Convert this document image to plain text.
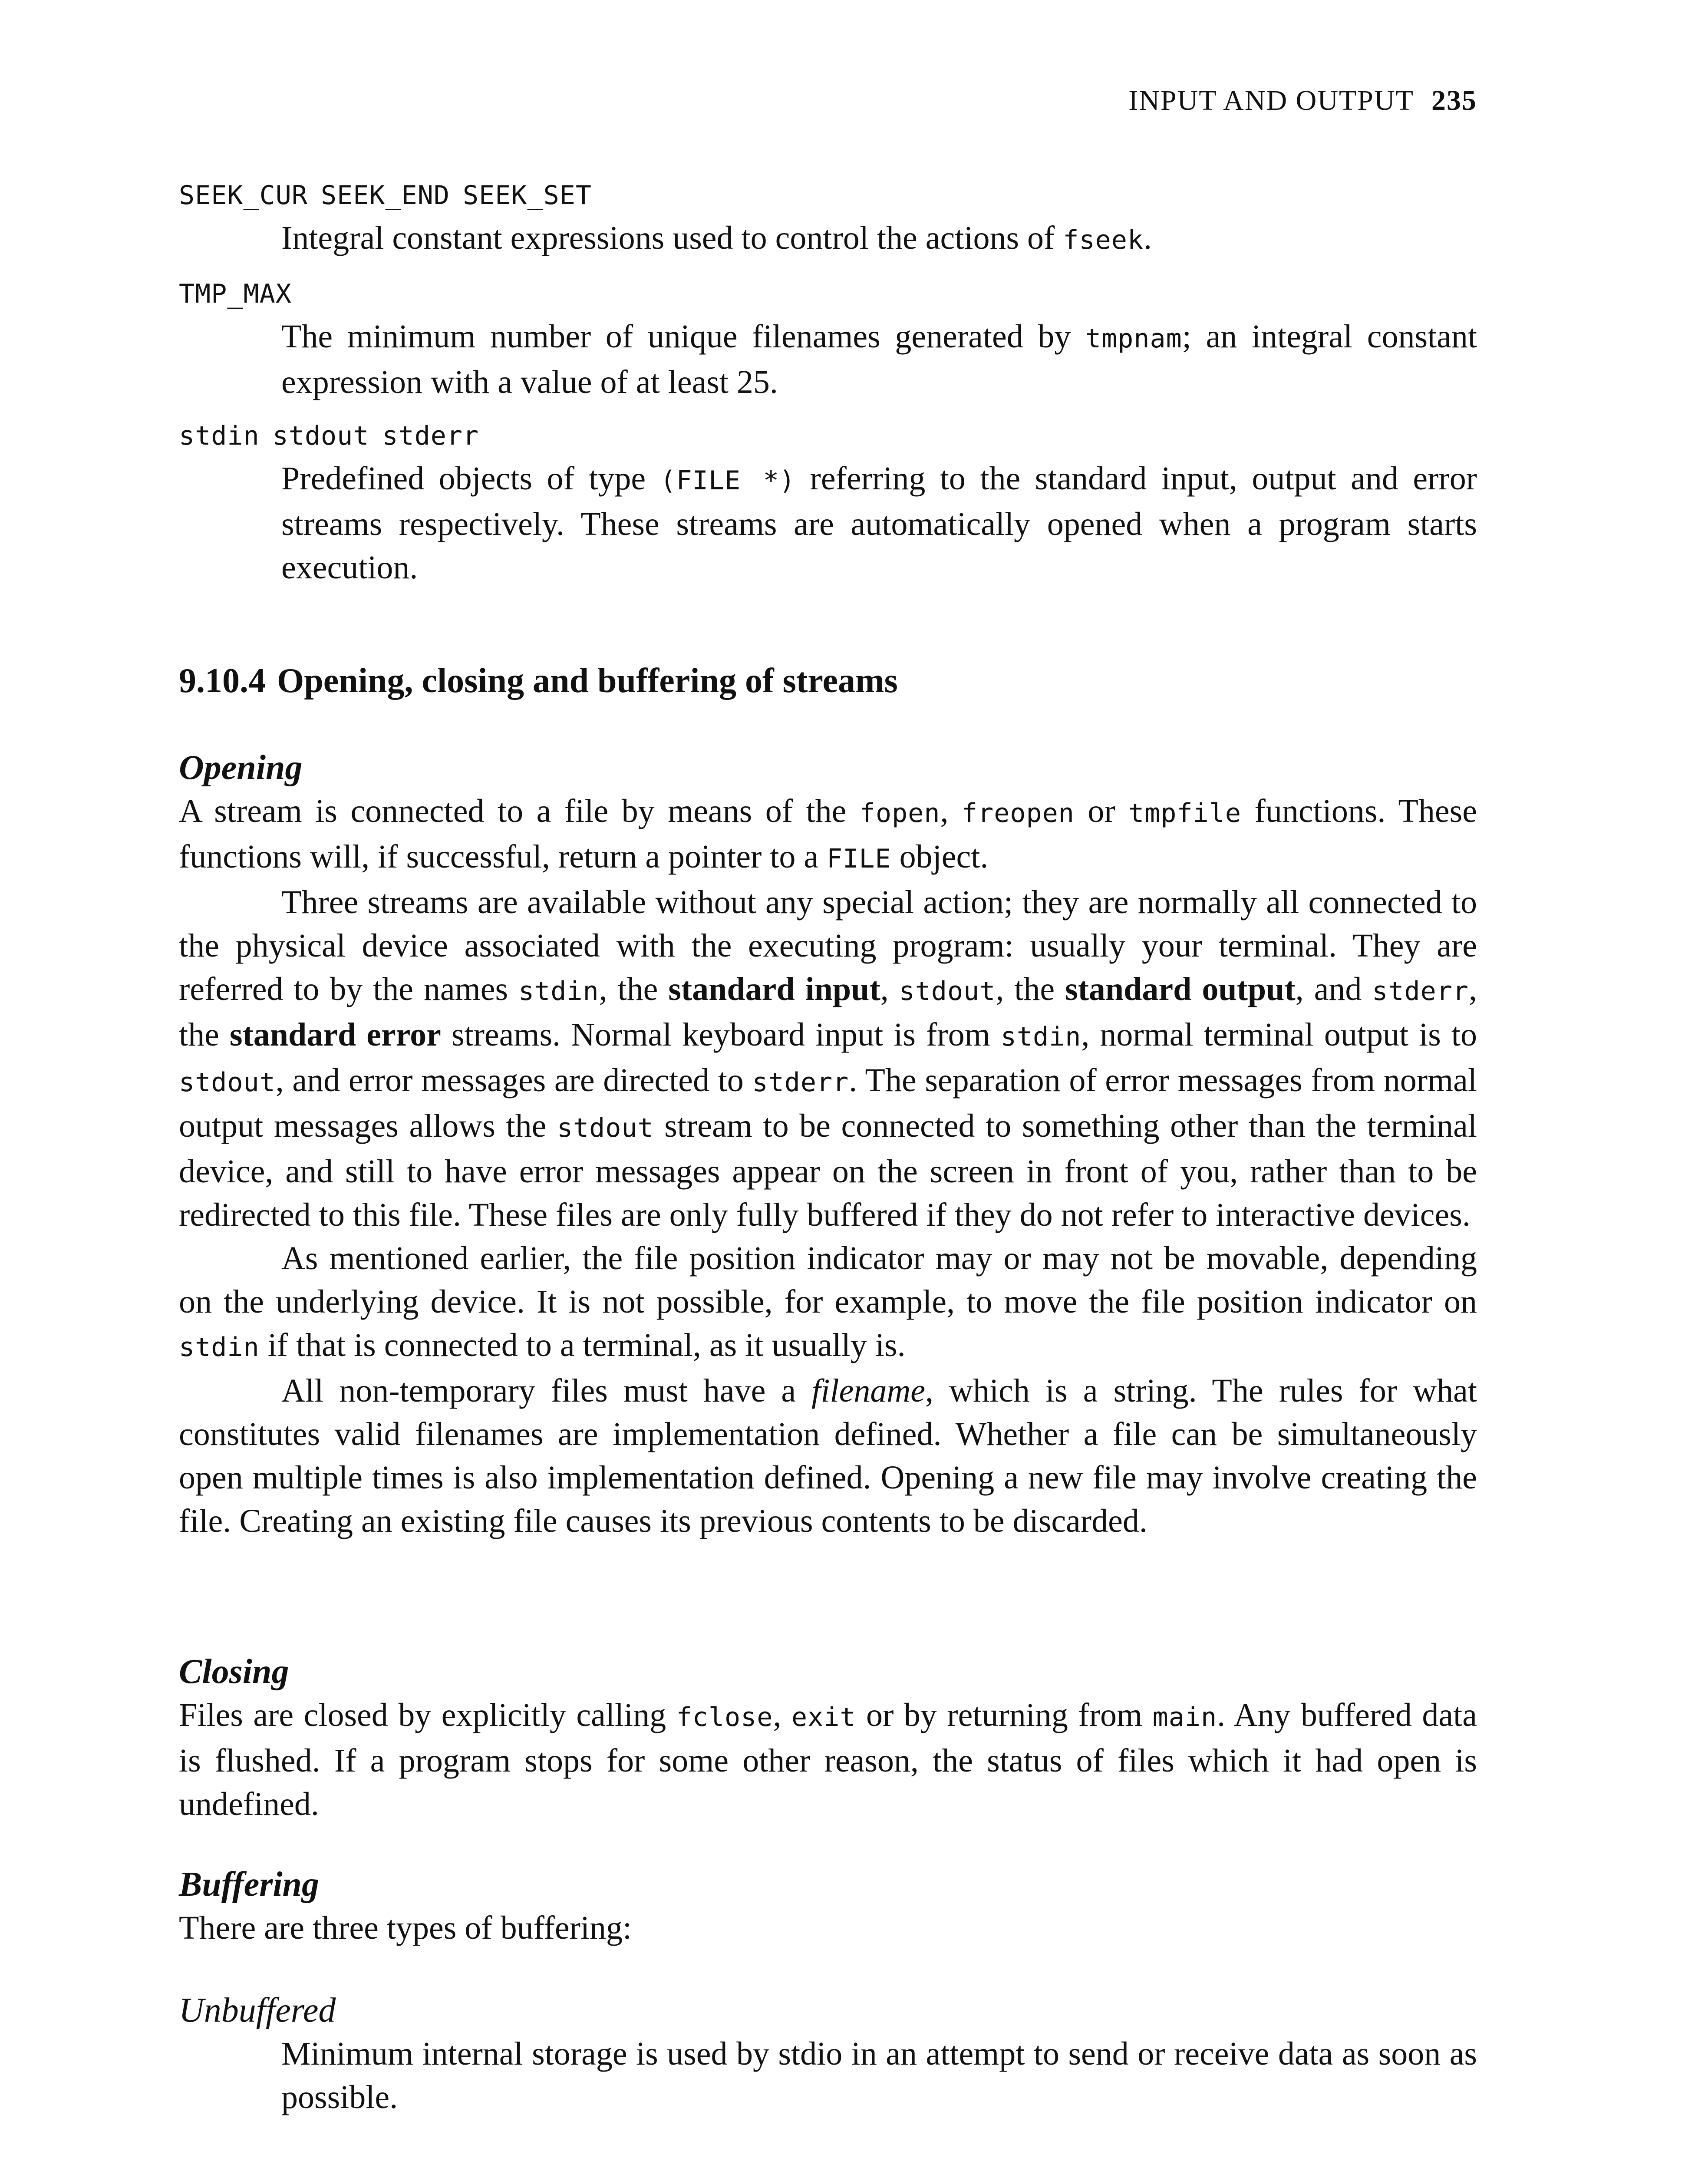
INPUT AND OUTPUT 235
SEEK_CUR SEEK_END SEEK_SET

Integral constant expressions used to control the actions of fseek.

TMP_MAX

The minimum number of unique filenames generated by tmpnam; an integral constant expression with a value of at least 25.

stdin stdout stderr

Predefined objects of type (FILE *) referring to the standard input, output and error streams respectively. These streams are automatically opened when a program starts execution.

9.10.4 Opening, closing and buffering of streams
Opening

A stream is connected to a file by means of the fopen, freopen or tmpfile functions. These functions will, if successful, return a pointer to a FILE object.

Three streams are available without any special action; they are normally all connected to the physical device associated with the executing program: usually your terminal. They are referred to by the names stdin, the standard input, stdout, the standard output, and stderr, the standard error streams. Normal keyboard input is from stdin, normal terminal output is to stdout, and error messages are directed to stderr. The separation of error messages from normal output messages allows the stdout stream to be connected to something other than the terminal device, and still to have error messages appear on the screen in front of you, rather than to be redirected to this file. These files are only fully buffered if they do not refer to interactive devices.

As mentioned earlier, the file position indicator may or may not be movable, depending on the underlying device. It is not possible, for example, to move the file position indicator on stdin if that is connected to a terminal, as it usually is.

All non-temporary files must have a filename, which is a string. The rules for what constitutes valid filenames are implementation defined. Whether a file can be simultaneously open multiple times is also implementation defined. Opening a new file may involve creating the file. Creating an existing file causes its previous contents to be discarded.

Closing

Files are closed by explicitly calling fclose, exit or by returning from main. Any buffered data is flushed. If a program stops for some other reason, the status of files which it had open is undefined.

Buffering

There are three types of buffering:

Unbuffered

Minimum internal storage is used by stdio in an attempt to send or receive data as soon as possible.
